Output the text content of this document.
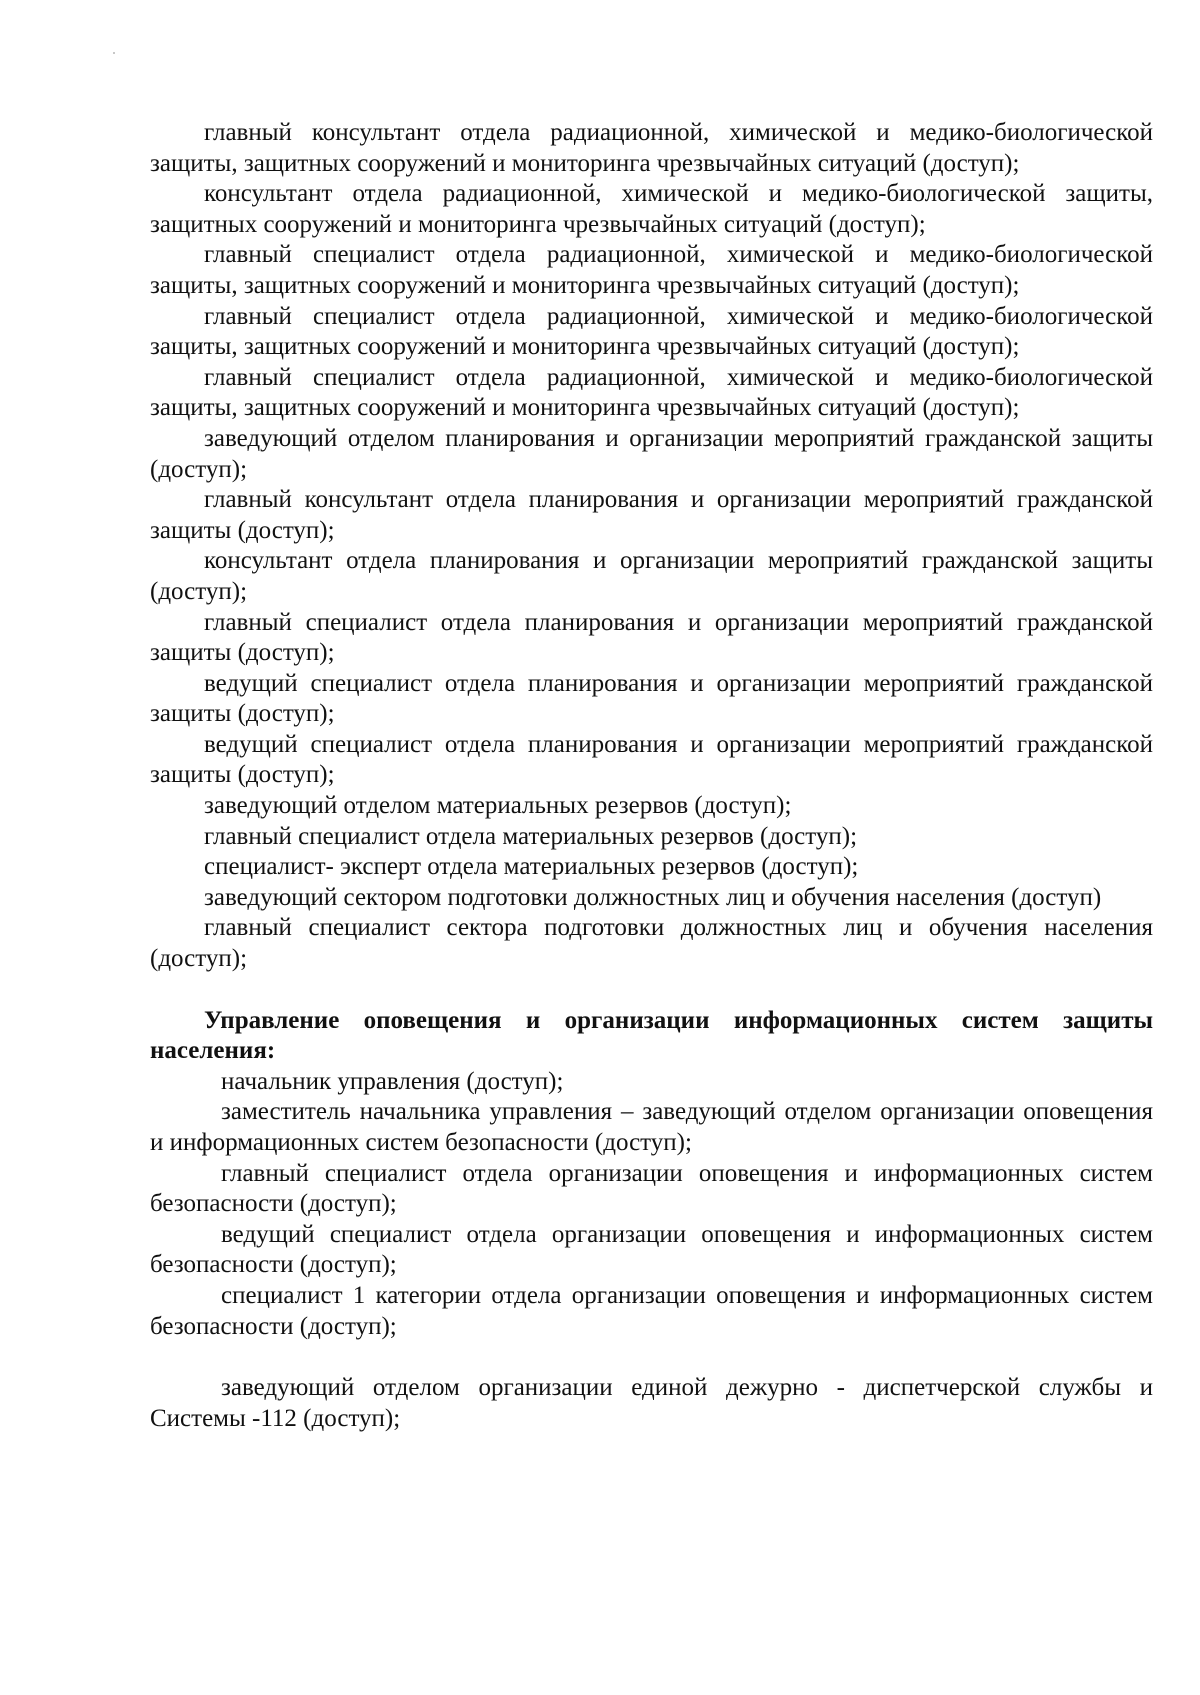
главный консультант отдела радиационной, химической и медико-биологической защиты, защитных сооружений и мониторинга чрезвычайных ситуаций (доступ);

консультант отдела радиационной, химической и медико-биологической защиты, защитных сооружений и мониторинга чрезвычайных ситуаций (доступ);

главный специалист отдела радиационной, химической и медико-биологической защиты, защитных сооружений и мониторинга чрезвычайных ситуаций (доступ);

главный специалист отдела радиационной, химической и медико-биологической защиты, защитных сооружений и мониторинга чрезвычайных ситуаций (доступ);

главный специалист отдела радиационной, химической и медико-биологической защиты, защитных сооружений и мониторинга чрезвычайных ситуаций (доступ);

заведующий отделом планирования и организации мероприятий гражданской защиты (доступ);

главный консультант отдела планирования и организации мероприятий гражданской защиты (доступ);

консультант отдела планирования и организации мероприятий гражданской защиты (доступ);

главный специалист отдела планирования и организации мероприятий гражданской защиты (доступ);

ведущий специалист отдела планирования и организации мероприятий гражданской защиты (доступ);

ведущий специалист отдела планирования и организации мероприятий гражданской защиты (доступ);

заведующий отделом материальных резервов (доступ);

главный специалист отдела материальных резервов (доступ);

специалист- эксперт отдела материальных резервов (доступ);

заведующий сектором подготовки должностных лиц и обучения населения (доступ)

главный специалист сектора подготовки должностных лиц и обучения населения (доступ);

Управление оповещения и организации информационных систем защиты населения:

начальник управления (доступ);

заместитель начальника управления – заведующий отделом организации оповещения и информационных систем безопасности (доступ);

главный специалист отдела организации оповещения и информационных систем безопасности (доступ);

ведущий специалист отдела организации оповещения и информационных систем безопасности (доступ);

специалист 1 категории отдела организации оповещения и информационных систем безопасности (доступ);

заведующий отделом организации единой дежурно - диспетчерской службы и Системы -112 (доступ);
